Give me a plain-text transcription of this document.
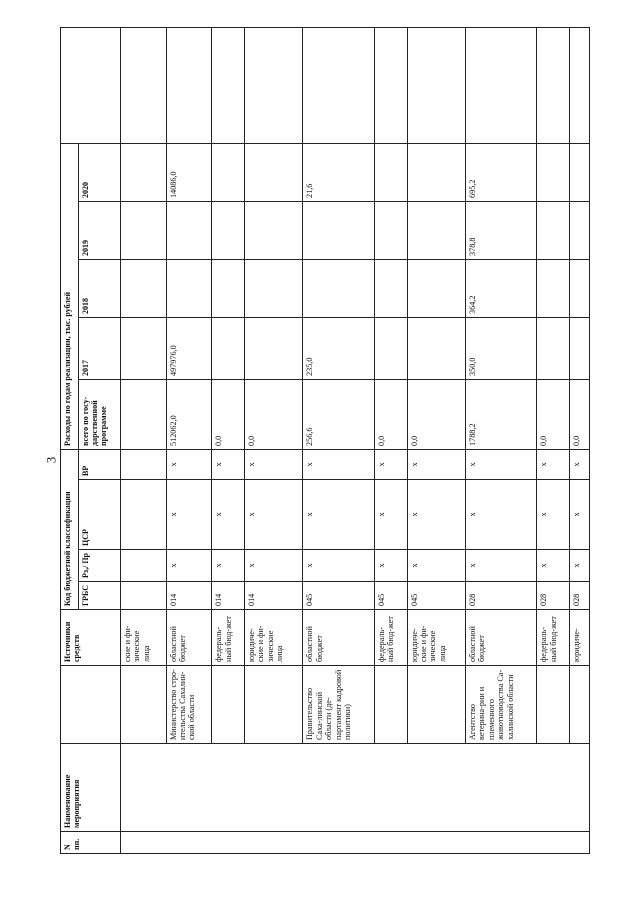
3
N пп.	Наименование мероприятия		Источники средств	Код бюджетной классификации				Расходы по годам реализации, тыс. рублей					
				ГРБС	Рз,/ Пр	ЦСР	ВР	всего по госу-дарственной программе	2017	2018	2019	2020	
			ские и фи-зические лица										
		Министерство стро-ительства Сахалин-ской области	областной бюджет	014	х	х	х	512062,0	497976,0			14086,0	
			федераль-ный бюд-жет	014	х	х	х	0,0					
			юридиче-ские и фи-зические лица	014	х	х	х	0,0					
		Правительство Саха-линской области (де-партамент кадровой политики)	областной бюджет	045	х	х	х	256,6	235,0			21,6	
			федераль-ный бюд-жет	045	х	х	х	0,0					
			юридиче-ские и фи-зические лица	045	х	х	х	0,0					
		Агентство ветерина-рии и племенного животноводства Са-халинской области	областной бюджет	028	х	х	х	1788,2	350,0	364,2	378,8	695,2	
			федераль-ный бюд-жет	028	х	х	х	0,0					
			юридиче-	028	х	х	х	0,0					
